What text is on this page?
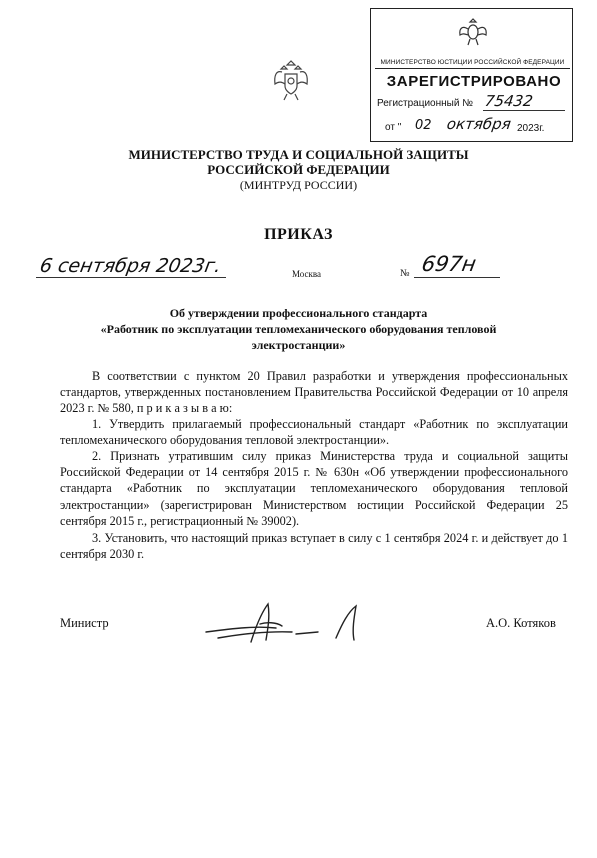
МИНИСТЕРСТВО ЮСТИЦИИ РОССИЙСКОЙ ФЕДЕРАЦИИ
ЗАРЕГИСТРИРОВАНО
Регистрационный № 75432
от " 02 октября 2023г.
МИНИСТЕРСТВО ТРУДА И СОЦИАЛЬНОЙ ЗАЩИТЫ
РОССИЙСКОЙ ФЕДЕРАЦИИ
(МИНТРУД РОССИИ)
ПРИКАЗ
6 сентября 2023г.	Москва	№ 697н
Об утверждении профессионального стандарта
«Работник по эксплуатации тепломеханического оборудования тепловой
электростанции»

В соответствии с пунктом 20 Правил разработки и утверждения профессиональных стандартов, утвержденных постановлением Правительства Российской Федерации от 10 апреля 2023 г. № 580, п р и к а з ы в а ю:

1. Утвердить прилагаемый профессиональный стандарт «Работник по эксплуатации тепломеханического оборудования тепловой электростанции».

2. Признать утратившим силу приказ Министерства труда и социальной защиты Российской Федерации от 14 сентября 2015 г. № 630н «Об утверждении профессионального стандарта «Работник по эксплуатации тепломеханического оборудования тепловой электростанции» (зарегистрирован Министерством юстиции Российской Федерации 25 сентября 2015 г., регистрационный № 39002).

3. Установить, что настоящий приказ вступает в силу с 1 сентября 2024 г. и действует до 1 сентября 2030 г.

Министр	А.О. Котяков
